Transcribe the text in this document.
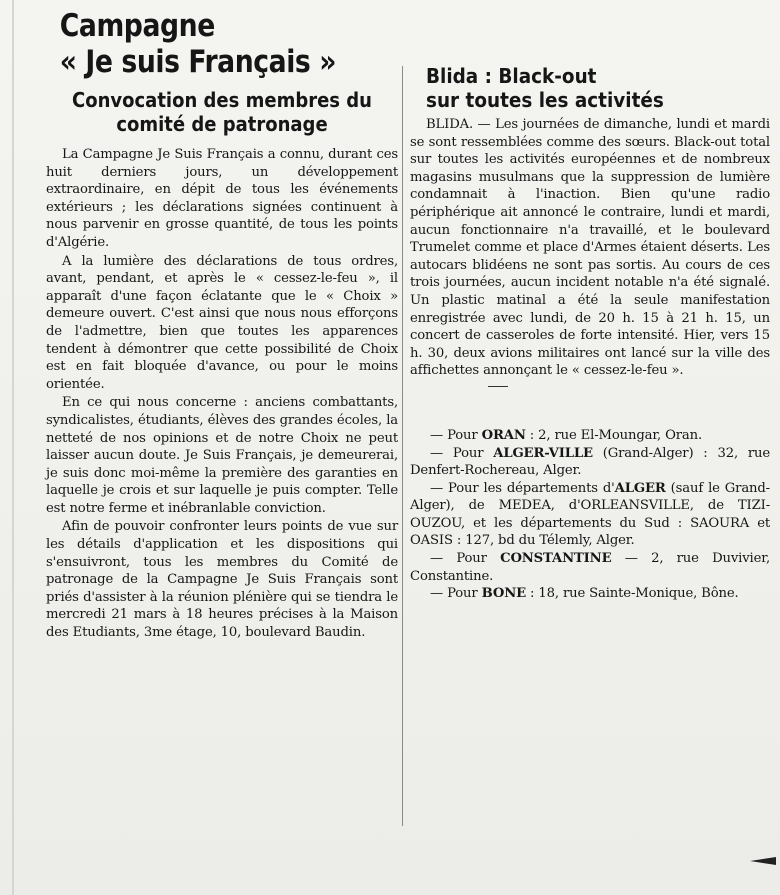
Campagne
« Je suis Français »
Convocation des membres du comité de patronage

La Campagne Je Suis Français a connu, durant ces huit derniers jours, un développement extraordinaire, en dépit de tous les événements extérieurs ; les déclarations signées continuent à nous parvenir en grosse quantité, de tous les points d'Algérie.

A la lumière des déclarations de tous ordres, avant, pendant, et après le « cessez-le-feu », il apparaît d'une façon éclatante que le « Choix » demeure ouvert. C'est ainsi que nous nous efforçons de l'admettre, bien que toutes les apparences tendent à démontrer que cette possibilité de Choix est en fait bloquée d'avance, ou pour le moins orientée.

En ce qui nous concerne : anciens combattants, syndicalistes, étudiants, élèves des grandes écoles, la netteté de nos opinions et de notre Choix ne peut laisser aucun doute. Je Suis Français, je demeurerai, je suis donc moi-même la première des garanties en laquelle je crois et sur laquelle je puis compter. Telle est notre ferme et inébranlable conviction.

Afin de pouvoir confronter leurs points de vue sur les détails d'application et les dispositions qui s'ensuivront, tous les membres du Comité de patronage de la Campagne Je Suis Français sont priés d'assister à la réunion plénière qui se tiendra le mercredi 21 mars à 18 heures précises à la Maison des Etudiants, 3me étage, 10, boulevard Baudin.

Blida : Black-out
sur toutes les activités

BLIDA. — Les journées de dimanche, lundi et mardi se sont ressemblées comme des sœurs. Black-out total sur toutes les activités européennes et de nombreux magasins musulmans que la suppression de lumière condamnait à l'inaction. Bien qu'une radio périphérique ait annoncé le contraire, lundi et mardi, aucun fonctionnaire n'a travaillé, et le boulevard Trumelet comme et place d'Armes étaient déserts. Les autocars blidéens ne sont pas sortis. Au cours de ces trois journées, aucun incident notable n'a été signalé. Un plastic matinal a été la seule manifestation enregistrée avec lundi, de 20 h. 15 à 21 h. 15, un concert de casseroles de forte intensité. Hier, vers 15 h. 30, deux avions militaires ont lancé sur la ville des affichettes annonçant le « cessez-le-feu ».

— Pour ORAN : 2, rue El-Moungar, Oran.

— Pour ALGER-VILLE (Grand-Alger) : 32, rue Denfert-Rochereau, Alger.

— Pour les départements d'ALGER (sauf le Grand-Alger), de MEDEA, d'ORLEANSVILLE, de TIZI-OUZOU, et les départements du Sud : SAOURA et OASIS : 127, bd du Télemly, Alger.

— Pour CONSTANTINE — 2, rue Duvivier, Constantine.

— Pour BONE : 18, rue Sainte-Monique, Bône.
